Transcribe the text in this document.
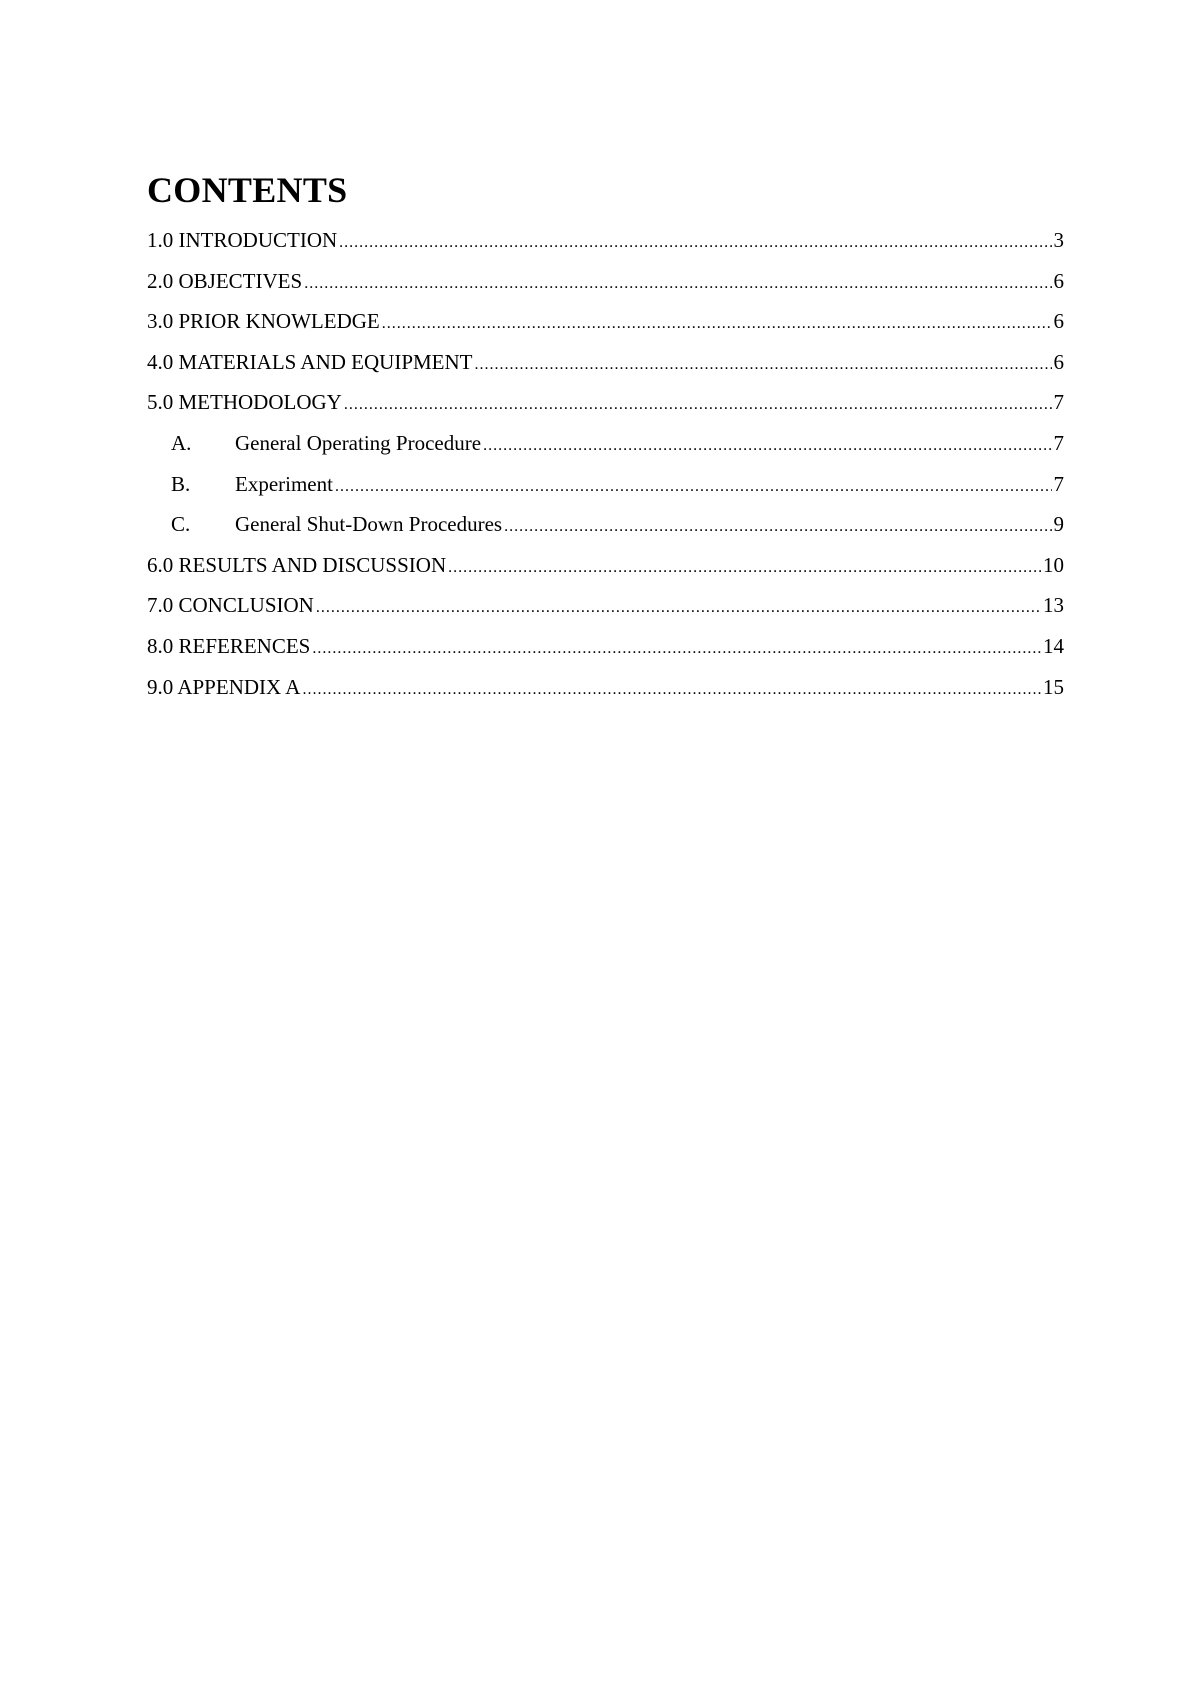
CONTENTS
1.0 INTRODUCTION .....	3
2.0 OBJECTIVES .....	6
3.0 PRIOR KNOWLEDGE .....	6
4.0 MATERIALS AND EQUIPMENT .....	6
5.0 METHODOLOGY .....	7
A.	General Operating Procedure .....	7
B.	Experiment .....	7
C.	General Shut-Down Procedures .....	9
6.0 RESULTS AND DISCUSSION .....	10
7.0 CONCLUSION .....	13
8.0 REFERENCES .....	14
9.0 APPENDIX A .....	15
